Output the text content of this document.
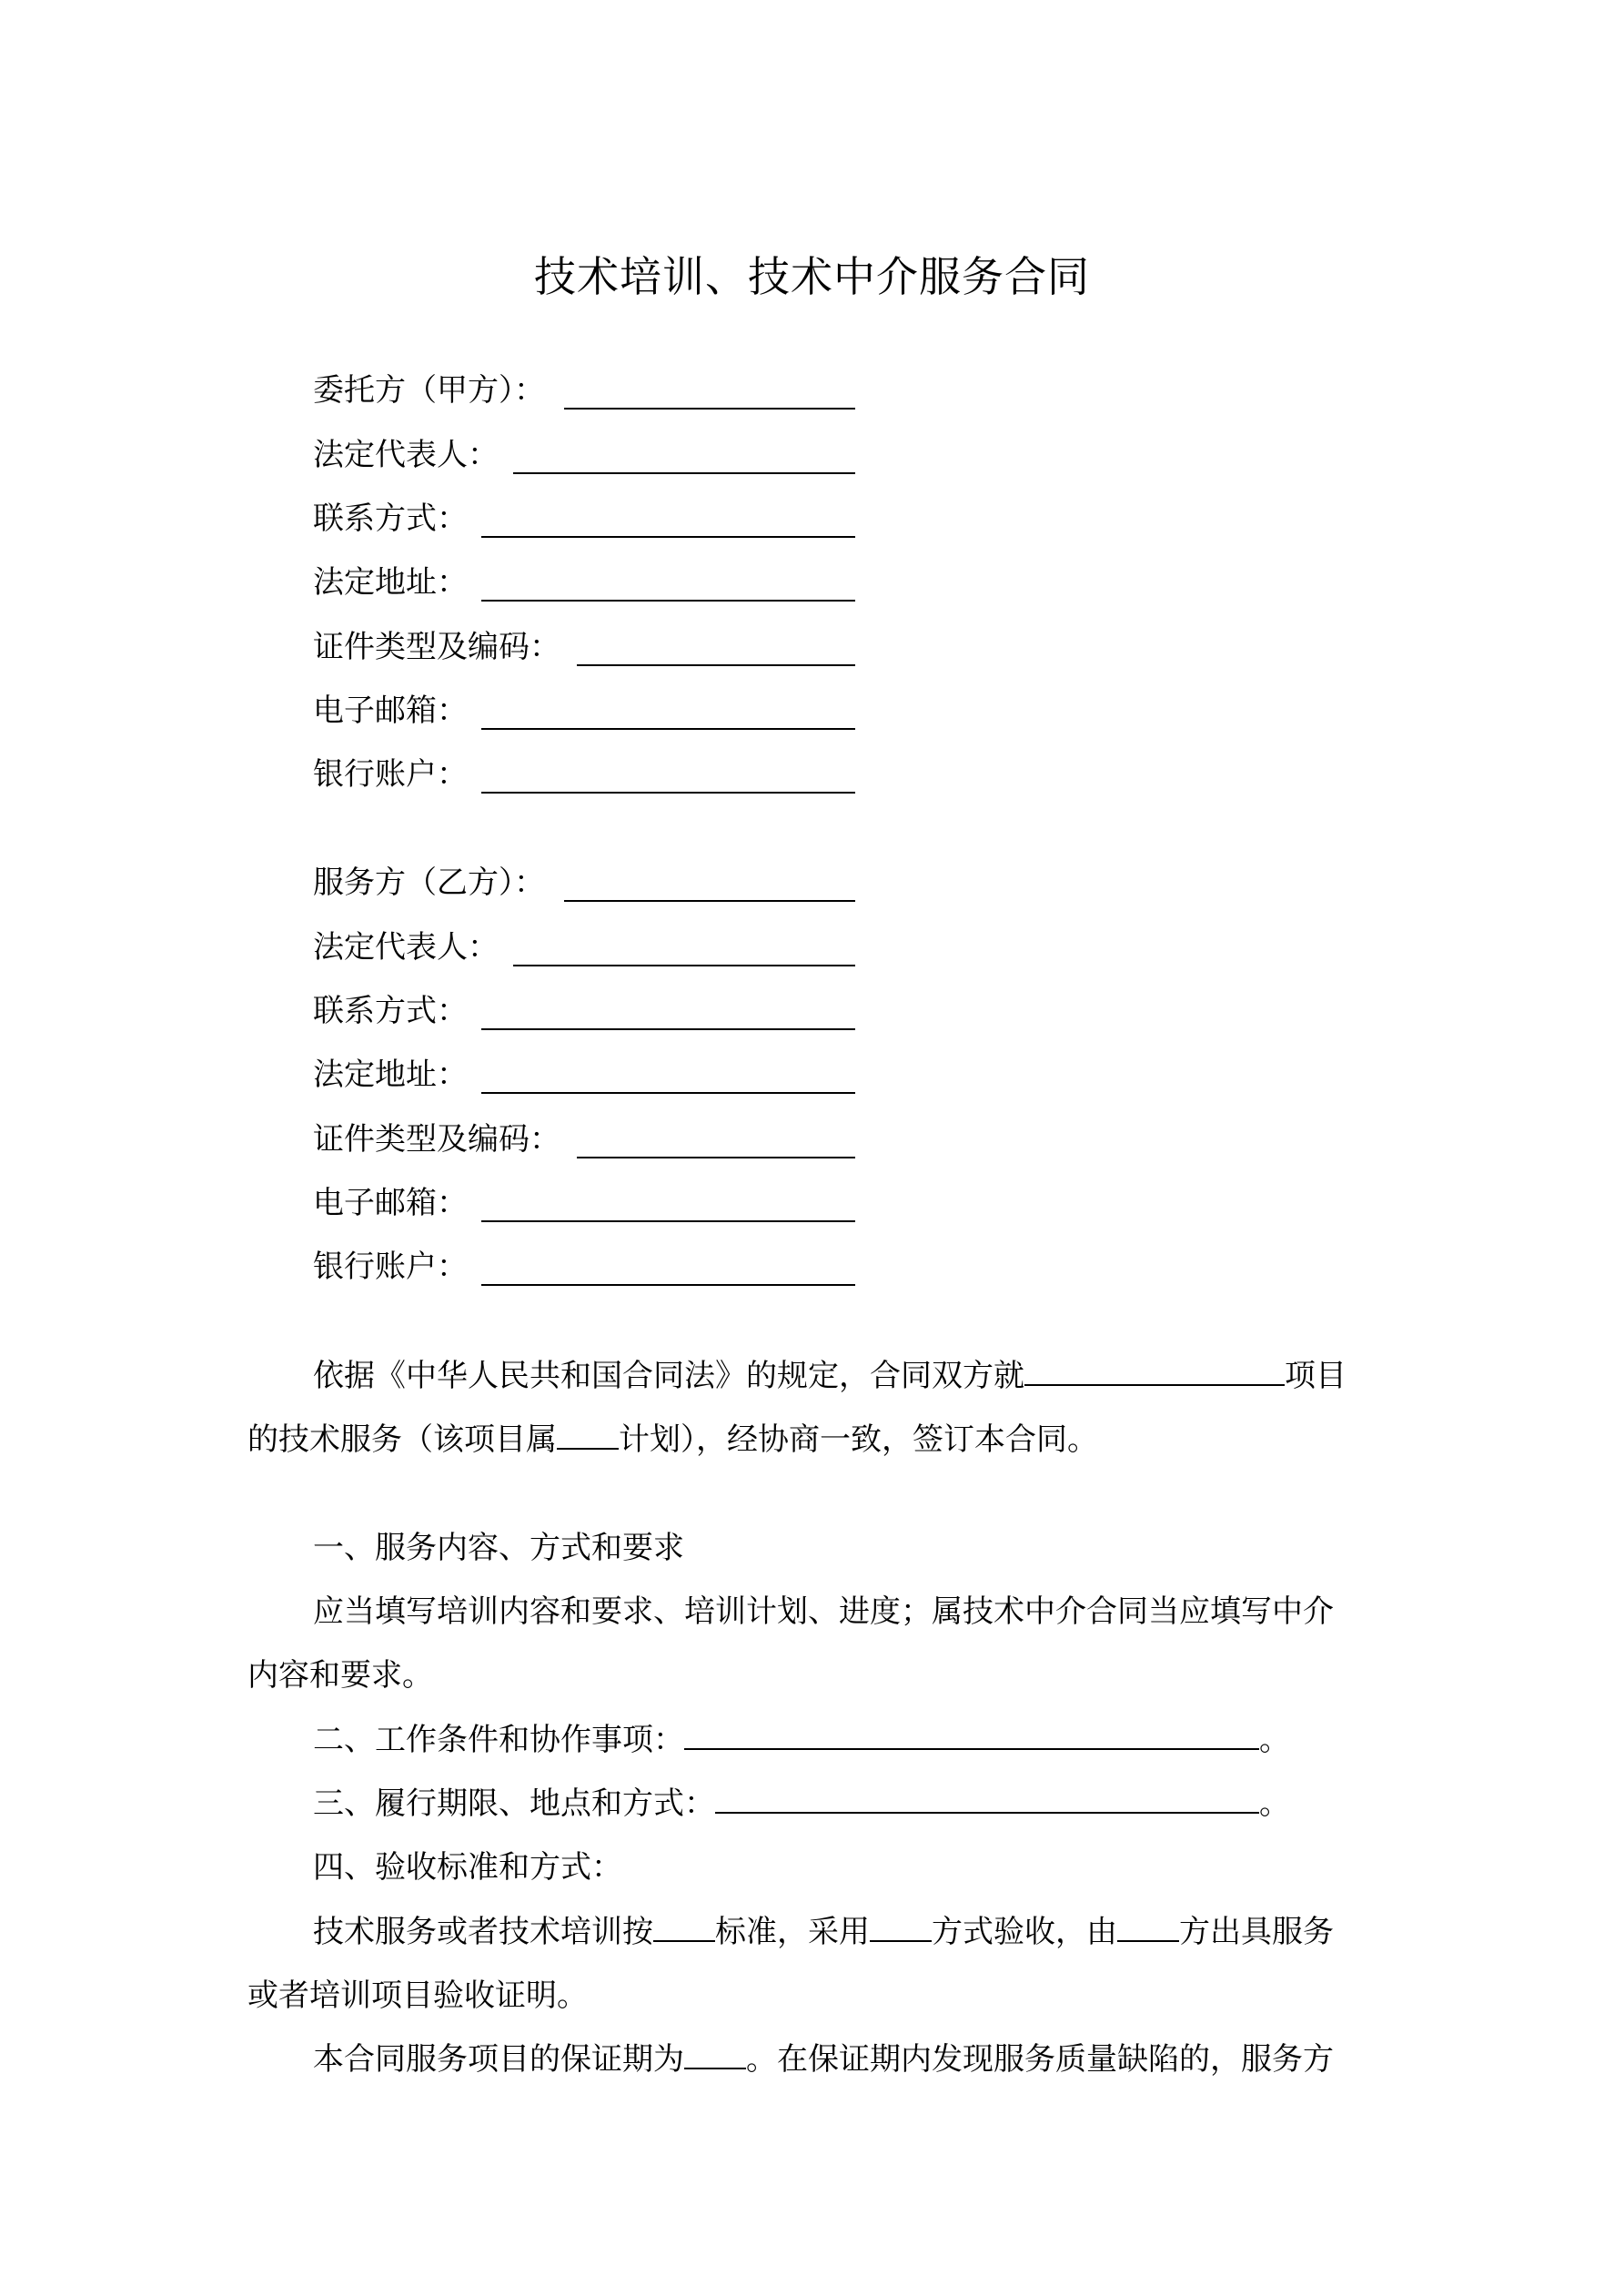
技术培训、技术中介服务合同
委托方（甲方）：
法定代表人：
联系方式：
法定地址：
证件类型及编码：
电子邮箱：
银行账户：
服务方（乙方）：
法定代表人：
联系方式：
法定地址：
证件类型及编码：
电子邮箱：
银行账户：
依据《中华人民共和国合同法》的规定，合同双方就	项目
的技术服务（该项目属 计划），经协商一致，签订本合同。
一、服务内容、方式和要求
应当填写培训内容和要求、培训计划、进度；属技术中介合同当应填写中介
内容和要求。
二、工作条件和协作事项：	。
三、履行期限、地点和方式：	。
四、验收标准和方式：
技术服务或者技术培训按 标准，采用 方式验收，由 方出具服务
或者培训项目验收证明。
本合同服务项目的保证期为 。在保证期内发现服务质量缺陷的，服务方
